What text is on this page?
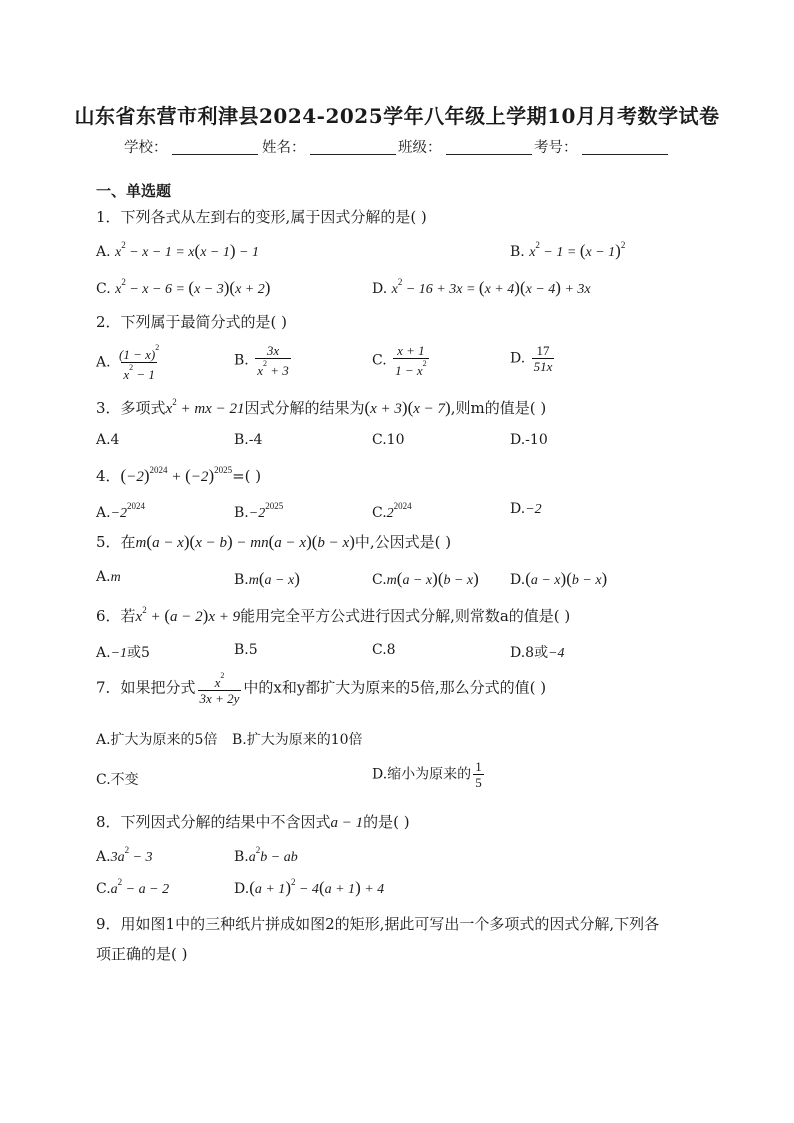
山东省东营市利津县2024-2025学年八年级上学期10月月考数学试卷
学校：	姓名：	班级：	考号：
一、单选题
1．下列各式从左到右的变形,属于因式分解的是( )
A. $x^2 - x - 1 = x(x - 1) - 1$	B. $x^2 - 1 = (x - 1)^2$
C. $x^2 - x - 6 = (x - 3)(x + 2)$	D. $x^2 - 16 + 3x = (x + 4)(x - 4) + 3x$
2．下列属于最简分式的是( )
A. $\frac{(1 - x)^2}{x^2 - 1}$	B. $\frac{3x}{x^2 + 3}$	C. $\frac{x + 1}{1 - x^2}$	D. $\frac{17}{51x}$
3．多项式$x^2$ + mx − 21因式分解的结果为(x + 3)(x − 7),则m的值是( )
A.4	B.-4	C.10	D.-10
4．$(-2)^{2024} + (-2)^{2025}=$( )
$A.-2^{2024}$	$B.-2^{2025}$	$C.2^{2024}$	D.−2
5．在m(a − x)(x − b) − mn(a − x)(b − x)中,公因式是( )
A.m	B.m(a − x)	C.m(a − x)(b − x) D.(a − x)(b − x)
6．若$x^2 + (a - 2)x + 9$能用完全平方公式进行因式分解,则常数a的值是( )
A.−1或5	B.5	C.8	D.8或−4
7．如果把分式 $\frac{x^2}{3x + 2y}$ 中的x和y都扩大为原来的5倍,那么分式的值( )
A.扩大为原来的5倍 B.扩大为原来的10倍
C.不变	D.缩小为原来的 $\frac{1}{5}$
8．下列因式分解的结果中不含因式a − 1的是( )
$A.3a^2 - 3$	$B.a^2b$ − ab
$C.a^2 - a - 2$	$D.(a + 1)^2 - 4(a + 1) + 4$
9．用如图1中的三种纸片拼成如图2的矩形,据此可写出一个多项式的因式分解,下列各
项正确的是( )
